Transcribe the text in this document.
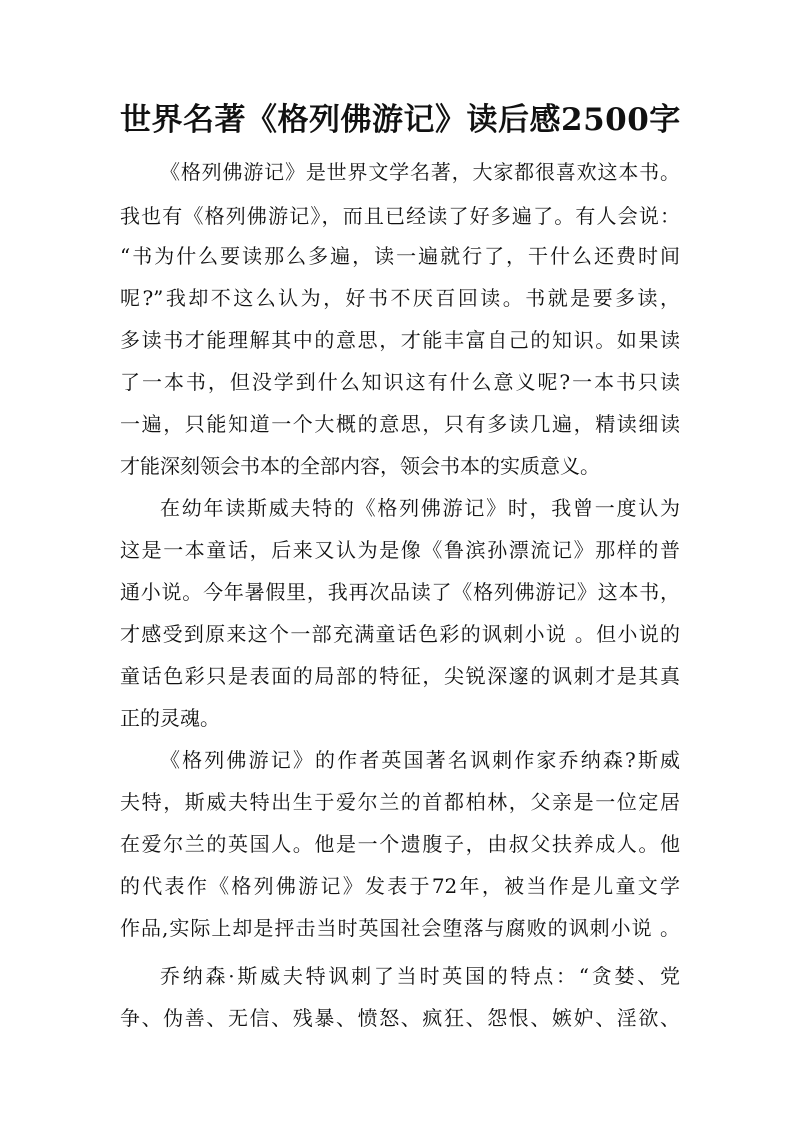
世界名著《格列佛游记》读后感2500字

《格列佛游记》是世界文学名著，大家都很喜欢这本书。

我也有《格列佛游记》，而且已经读了好多遍了。有人会说：

“书为什么要读那么多遍，读一遍就行了，干什么还费时间

呢?”我却不这么认为，好书不厌百回读。书就是要多读，

多读书才能理解其中的意思，才能丰富自己的知识。如果读

了一本书，但没学到什么知识这有什么意义呢?一本书只读

一遍，只能知道一个大概的意思，只有多读几遍，精读细读

才能深刻领会书本的全部内容，领会书本的实质意义。

在幼年读斯威夫特的《格列佛游记》时，我曾一度认为

这是一本童话，后来又认为是像《鲁滨孙漂流记》那样的普

通小说。今年暑假里，我再次品读了《格列佛游记》这本书，

才感受到原来这个一部充满童话色彩的讽刺小说 。但小说的

童话色彩只是表面的局部的特征，尖锐深邃的讽刺才是其真

正的灵魂。

《格列佛游记》的作者英国著名讽刺作家乔纳森?斯威

夫特，斯威夫特出生于爱尔兰的首都柏林，父亲是一位定居

在爱尔兰的英国人。他是一个遗腹子，由叔父扶养成人。他

的代表作《格列佛游记》发表于72年，被当作是儿童文学

作品,实际上却是抨击当时英国社会堕落与腐败的讽刺小说 。

乔纳森·斯威夫特讽刺了当时英国的特点：“贪婪、党

争、伪善、无信、残暴、愤怒、疯狂、怨恨、嫉妒、淫欲、
